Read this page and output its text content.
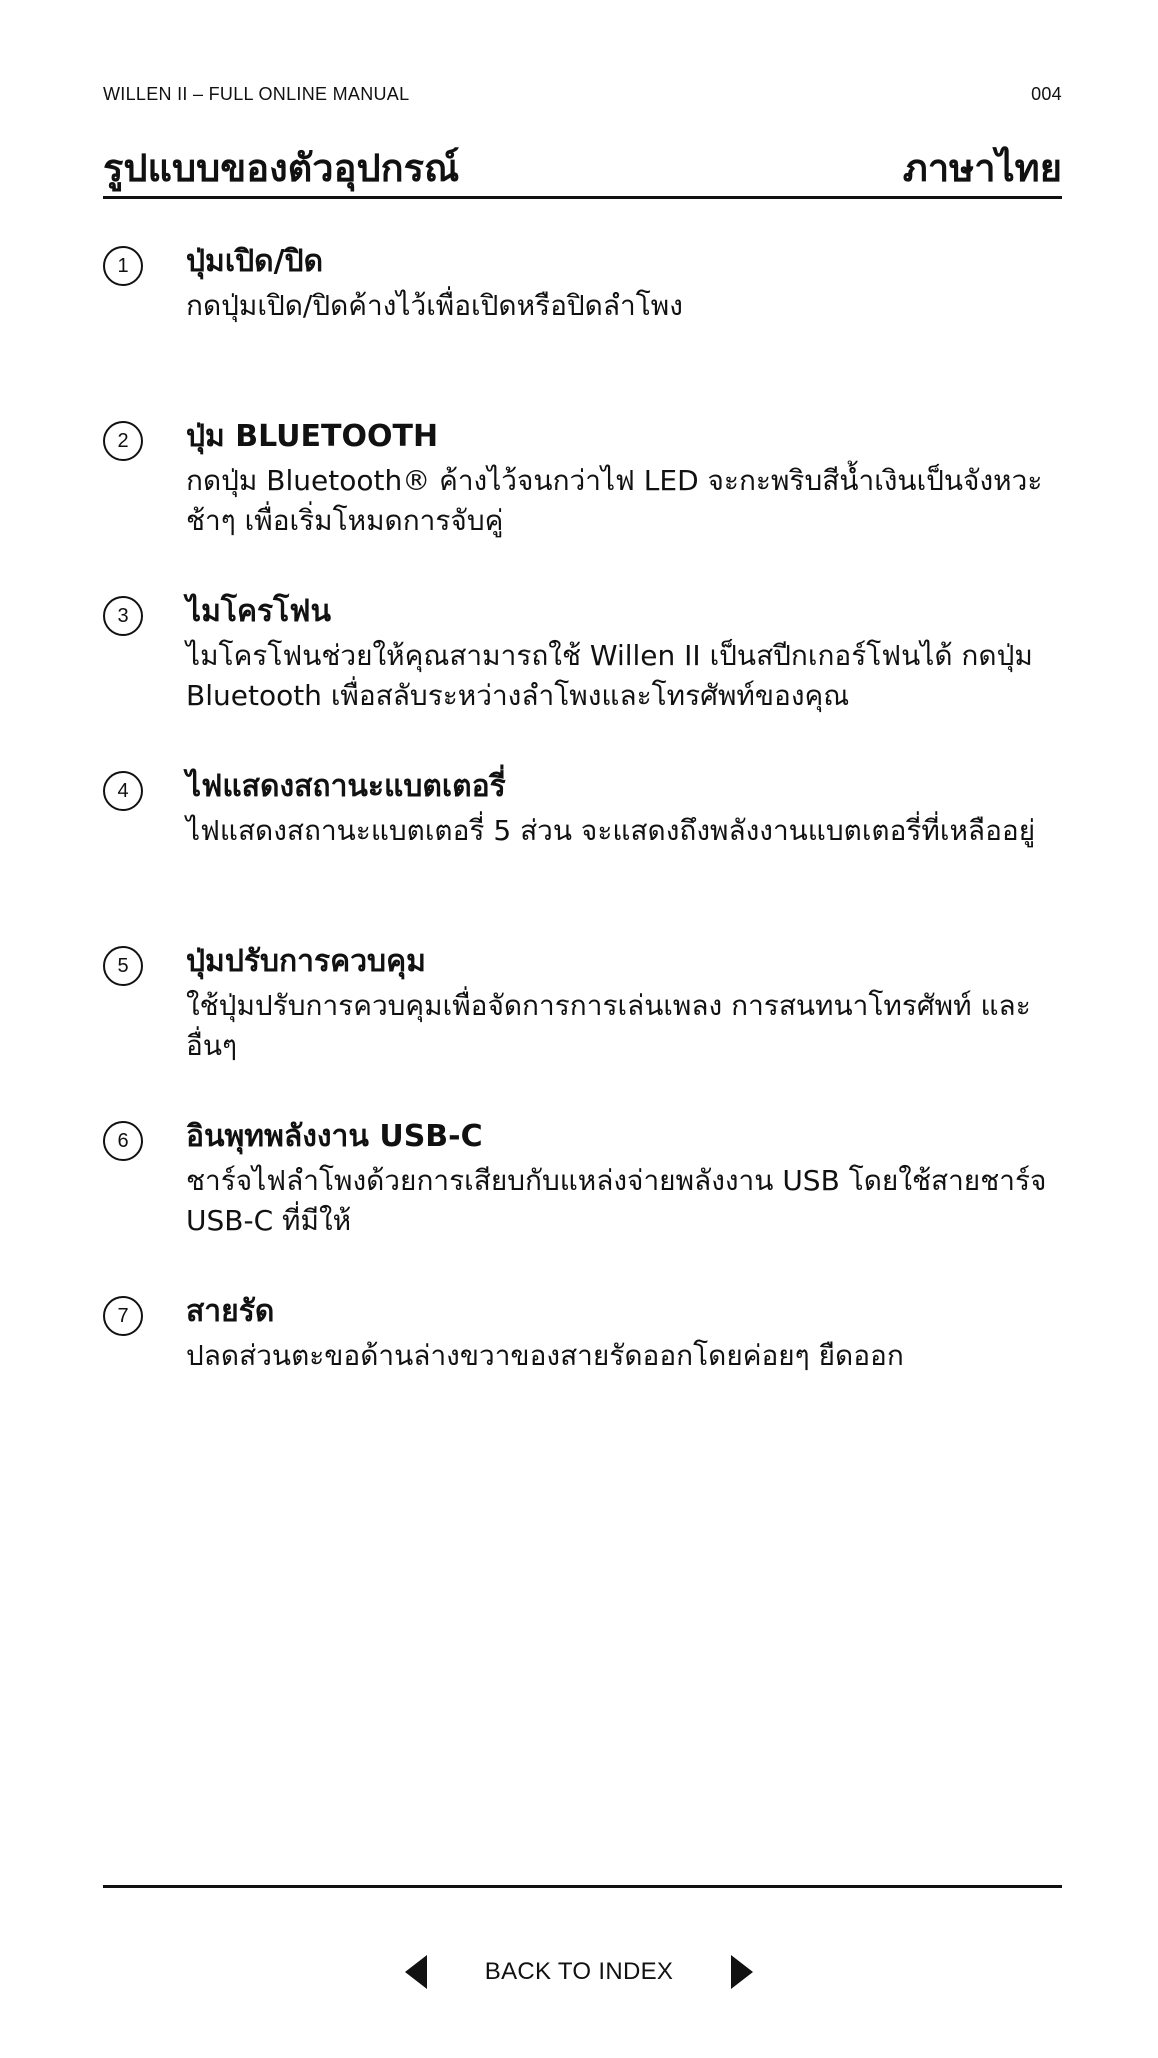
WILLEN II – FULL ONLINE MANUAL	004
รูปแบบของตัวอุปกรณ์	ภาษาไทย
1	ปุ่มเปิด/ปิด
กดปุ่มเปิด/ปิดค้างไว้เพื่อเปิดหรือปิดลำโพง
2	ปุ่ม BLUETOOTH
กดปุ่ม Bluetooth® ค้างไว้จนกว่าไฟ LED จะกะพริบสีน้ำเงินเป็นจังหวะช้าๆ เพื่อเริ่มโหมดการจับคู่
3	ไมโครโฟน
ไมโครโฟนช่วยให้คุณสามารถใช้ Willen II เป็นสปีกเกอร์โฟนได้ กดปุ่ม Bluetooth เพื่อสลับระหว่างลำโพงและโทรศัพท์ของคุณ
4	ไฟแสดงสถานะแบตเตอรี่
ไฟแสดงสถานะแบตเตอรี่ 5 ส่วน จะแสดงถึงพลังงานแบตเตอรี่ที่เหลืออยู่
5	ปุ่มปรับการควบคุม
ใช้ปุ่มปรับการควบคุมเพื่อจัดการการเล่นเพลง การสนทนาโทรศัพท์ และอื่นๆ
6	อินพุทพลังงาน USB-C
ชาร์จไฟลำโพงด้วยการเสียบกับแหล่งจ่ายพลังงาน USB โดยใช้สายชาร์จ USB-C ที่มีให้
7	สายรัด
ปลดส่วนตะขอด้านล่างขวาของสายรัดออกโดยค่อยๆ ยืดออก
BACK TO INDEX
